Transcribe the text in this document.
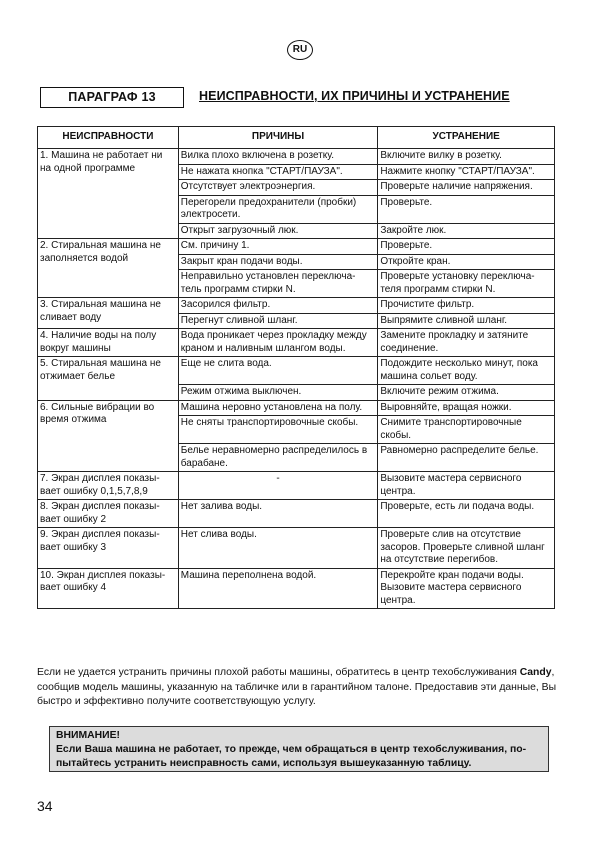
RU
ПАРАГРАФ 13	НЕИСПРАВНОСТИ, ИХ ПРИЧИНЫ И УСТРАНЕНИЕ
НЕИСПРАВНОСТИ	ПРИЧИНЫ	УСТРАНЕНИЕ
1. Машина не работает ни на одной программе	Вилка плохо включена в розетку.	Включите вилку в розетку.
	Не нажата кнопка "СТАРТ/ПАУЗА".	Нажмите кнопку "СТАРТ/ПАУЗА".
	Отсутствует электроэнергия.	Проверьте наличие напряжения.
	Перегорели предохранители (пробки) электросети.	Проверьте.
	Открыт загрузочный люк.	Закройте люк.
2. Стиральная машина не заполняется водой	См. причину 1.	Проверьте.
	Закрыт кран подачи воды.	Откройте кран.
	Неправильно установлен переключа-тель программ стирки N.	Проверьте установку переключа-теля программ стирки N.
3. Стиральная машина не сливает воду	Засорился фильтр.	Прочистите фильтр.
	Перегнут сливной шланг.	Выпрямите сливной шланг.
4. Наличие воды на полу вокруг машины	Вода проникает через прокладку между краном и наливным шлангом воды.	Замените прокладку и затяните соединение.
5. Стиральная машина не отжимает белье	Еще не слита вода.	Подождите несколько минут, пока машина сольет воду.
	Режим отжима выключен.	Включите режим отжима.
6. Сильные вибрации во время отжима	Машина неровно установлена на полу.	Выровняйте, вращая ножки.
	Не сняты транспортировочные скобы.	Снимите транспортировочные скобы.
	Белье неравномерно распределилось в барабане.	Равномерно распределите белье.
7. Экран дисплея показы-вает ошибку 0,1,5,7,8,9	-	Вызовите мастера сервисного центра.
8. Экран дисплея показы-вает ошибку 2	Нет залива воды.	Проверьте, есть ли подача воды.
9. Экран дисплея показы-вает ошибку 3	Нет слива воды.	Проверьте слив на отсутствие засоров. Проверьте сливной шланг на отсутствие перегибов.
10. Экран дисплея показы-вает ошибку 4	Машина переполнена водой.	Перекройте кран подачи воды. Вызовите мастера сервисного центра.
Если не удается устранить причины плохой работы машины, обратитесь в центр техобслуживания Candy, сообщив модель машины, указанную на табличке или в гарантийном талоне. Предоставив эти данные, Вы быстро и эффективно получите соответствующую услугу.
ВНИМАНИЕ!
Если Ваша машина не работает, то прежде, чем обращаться в центр техобслуживания, по-пытайтесь устранить неисправность сами, используя вышеуказанную таблицу.
34
